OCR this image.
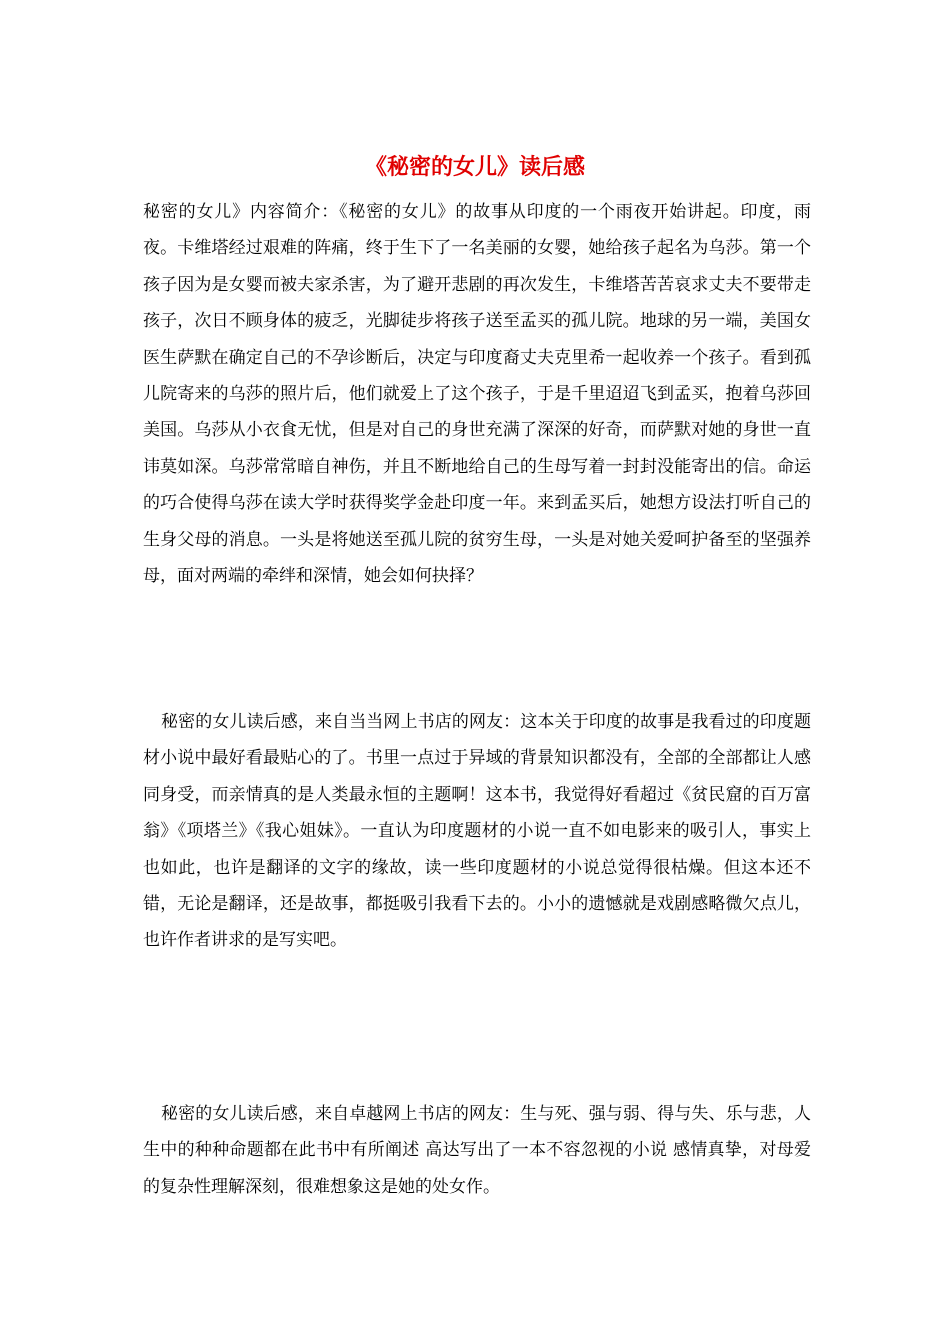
《秘密的女儿》读后感

秘密的女儿》内容简介：《秘密的女儿》的故事从印度的一个雨夜开始讲起。印度，雨夜。卡维塔经过艰难的阵痛，终于生下了一名美丽的女婴，她给孩子起名为乌莎。第一个孩子因为是女婴而被夫家杀害，为了避开悲剧的再次发生，卡维塔苦苦哀求丈夫不要带走孩子，次日不顾身体的疲乏，光脚徒步将孩子送至孟买的孤儿院。地球的另一端，美国女医生萨默在确定自己的不孕诊断后，决定与印度裔丈夫克里希一起收养一个孩子。看到孤儿院寄来的乌莎的照片后，他们就爱上了这个孩子，于是千里迢迢飞到孟买，抱着乌莎回美国。乌莎从小衣食无忧，但是对自己的身世充满了深深的好奇，而萨默对她的身世一直讳莫如深。乌莎常常暗自神伤，并且不断地给自己的生母写着一封封没能寄出的信。命运的巧合使得乌莎在读大学时获得奖学金赴印度一年。来到孟买后，她想方设法打听自己的生身父母的消息。一头是将她送至孤儿院的贫穷生母，一头是对她关爱呵护备至的坚强养母，面对两端的牵绊和深情，她会如何抉择？

秘密的女儿读后感，来自当当网上书店的网友：这本关于印度的故事是我看过的印度题材小说中最好看最贴心的了。书里一点过于异域的背景知识都没有，全部的全部都让人感同身受，而亲情真的是人类最永恒的主题啊！这本书，我觉得好看超过《贫民窟的百万富翁》《项塔兰》《我心姐妹》。一直认为印度题材的小说一直不如电影来的吸引人，事实上也如此，也许是翻译的文字的缘故，读一些印度题材的小说总觉得很枯燥。但这本还不错，无论是翻译，还是故事，都挺吸引我看下去的。小小的遗憾就是戏剧感略微欠点儿，也许作者讲求的是写实吧。

秘密的女儿读后感，来自卓越网上书店的网友：生与死、强与弱、得与失、乐与悲，人生中的种种命题都在此书中有所阐述 高达写出了一本不容忽视的小说 感情真挚，对母爱 的复杂性理解深刻，很难想象这是她的处女作。
